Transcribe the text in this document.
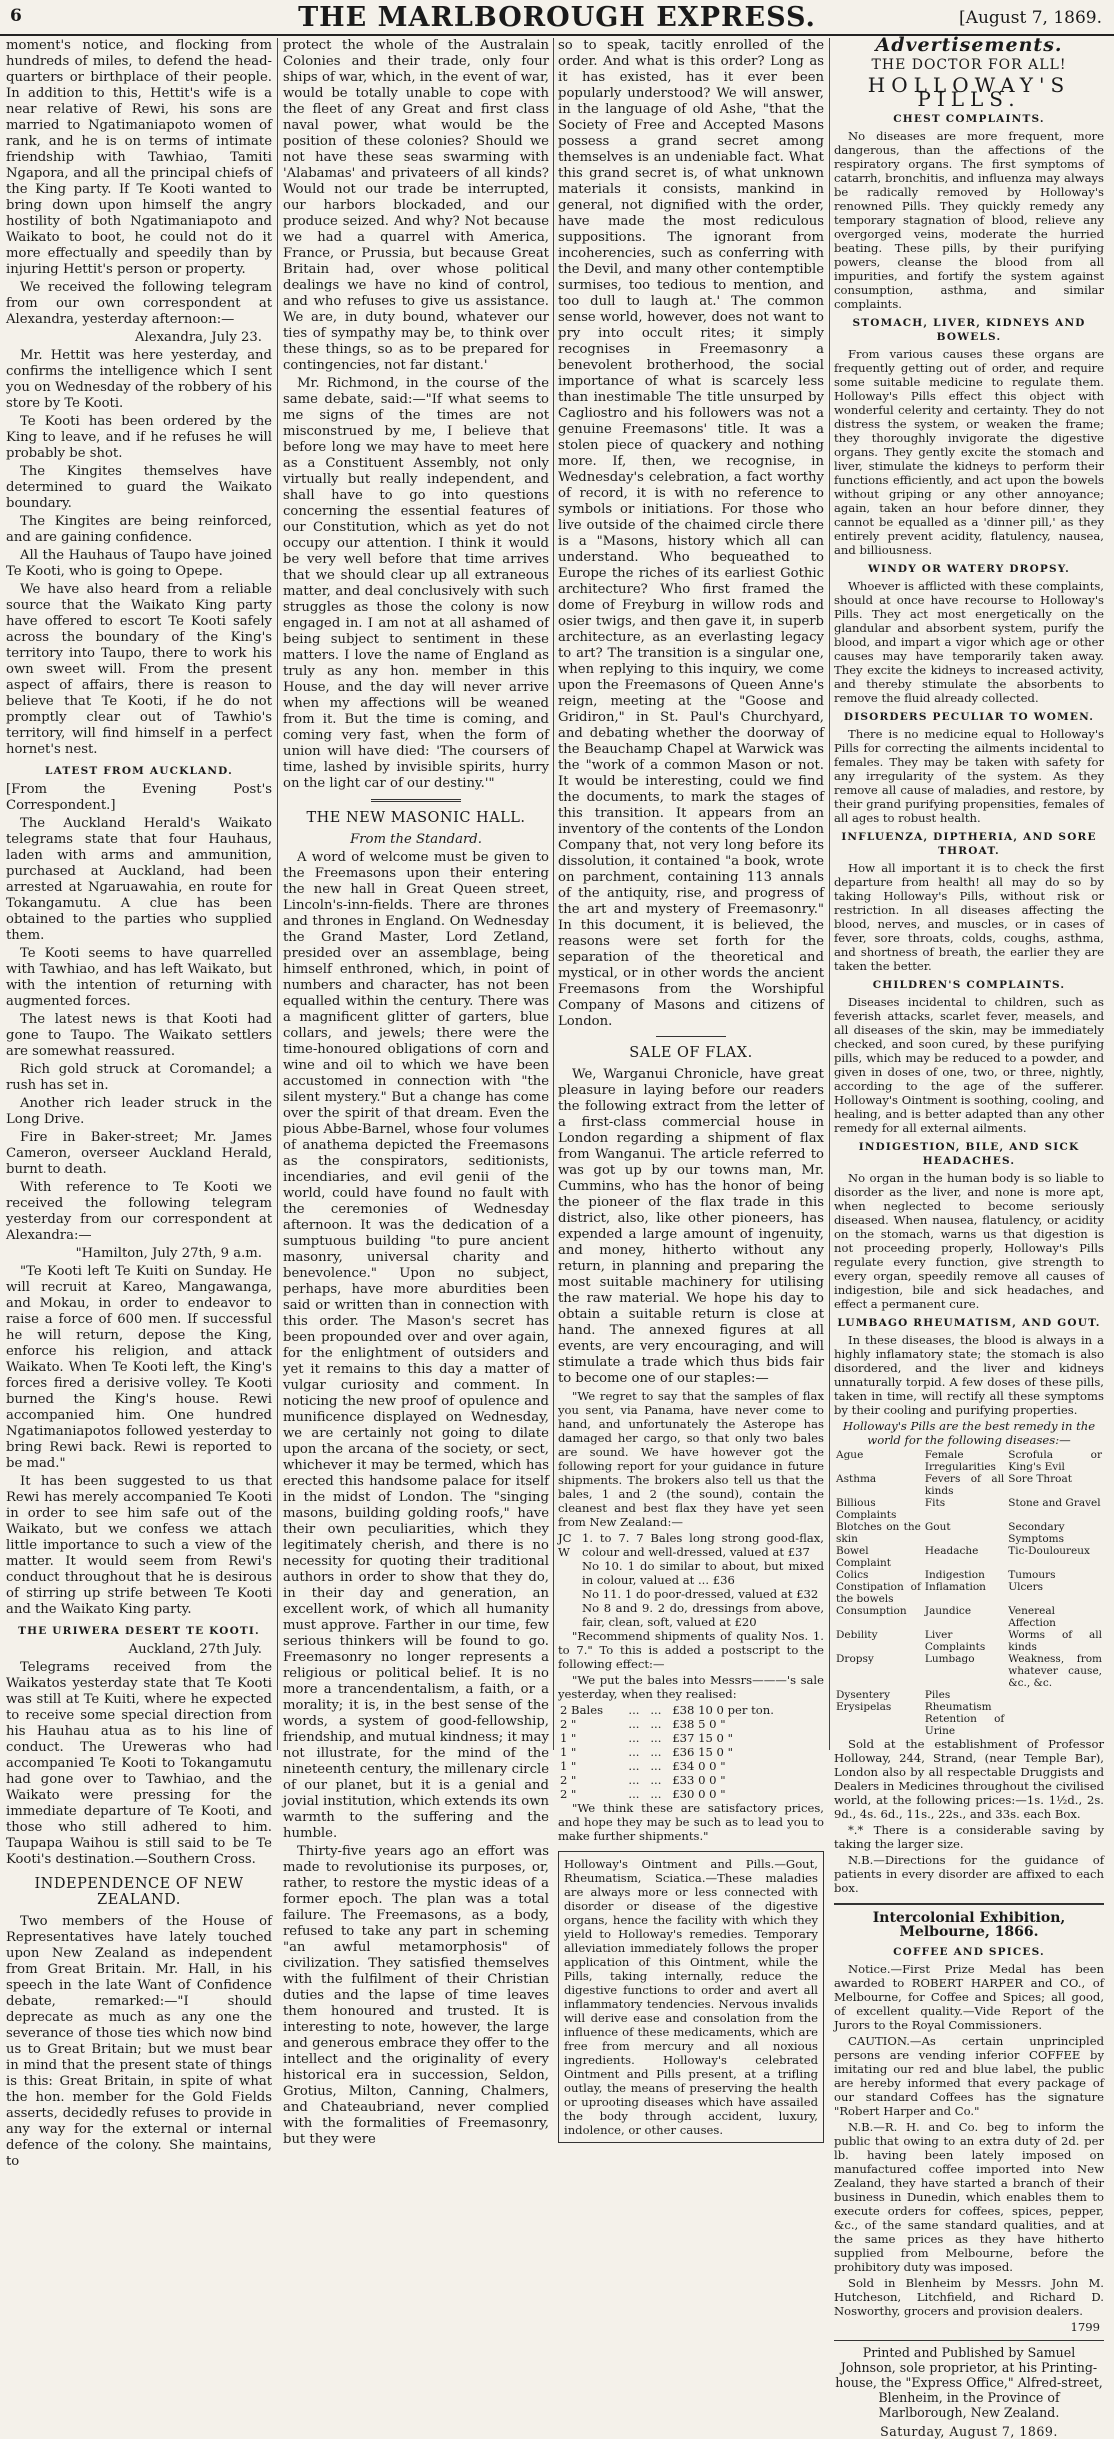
6	THE MARLBOROUGH EXPRESS.	[August 7, 1869.

moment's notice, and flocking from hundreds of miles, to defend the head-quarters or birthplace of their people. In addition to this, Hettit's wife is a near relative of Rewi, his sons are married to Ngatimaniapoto women of rank, and he is on terms of intimate friendship with Tawhiao, Tamiti Ngapora, and all the principal chiefs of the King party. If Te Kooti wanted to bring down upon himself the angry hostility of both Ngatimaniapoto and Waikato to boot, he could not do it more effectually and speedily than by injuring Hettit's person or property.

We received the following telegram from our own correspondent at Alexandra, yesterday afternoon:—

Alexandra, July 23.

Mr. Hettit was here yesterday, and confirms the intelligence which I sent you on Wednesday of the robbery of his store by Te Kooti.

Te Kooti has been ordered by the King to leave, and if he refuses he will probably be shot.

The Kingites themselves have determined to guard the Waikato boundary.

The Kingites are being reinforced, and are gaining confidence.

All the Hauhaus of Taupo have joined Te Kooti, who is going to Opepe.

We have also heard from a reliable source that the Waikato King party have offered to escort Te Kooti safely across the boundary of the King's territory into Taupo, there to work his own sweet will. From the present aspect of affairs, there is reason to believe that Te Kooti, if he do not promptly clear out of Tawhio's territory, will find himself in a perfect hornet's nest.

LATEST FROM AUCKLAND.

[From the Evening Post's Correspondent.]

The Auckland Herald's Waikato telegrams state that four Hauhaus, laden with arms and ammunition, purchased at Auckland, had been arrested at Ngaruawahia, en route for Tokangamutu. A clue has been obtained to the parties who supplied them.

Te Kooti seems to have quarrelled with Tawhiao, and has left Waikato, but with the intention of returning with augmented forces.

The latest news is that Kooti had gone to Taupo. The Waikato settlers are somewhat reassured.

Rich gold struck at Coromandel; a rush has set in.

Another rich leader struck in the Long Drive.

Fire in Baker-street; Mr. James Cameron, overseer Auckland Herald, burnt to death.

With reference to Te Kooti we received the following telegram yesterday from our correspondent at Alexandra:—

"Hamilton, July 27th, 9 a.m.

"Te Kooti left Te Kuiti on Sunday. He will recruit at Kareo, Mangawanga, and Mokau, in order to endeavor to raise a force of 600 men. If successful he will return, depose the King, enforce his religion, and attack Waikato. When Te Kooti left, the King's forces fired a derisive volley. Te Kooti burned the King's house. Rewi accompanied him. One hundred Ngatimaniapotos followed yesterday to bring Rewi back. Rewi is reported to be mad."

It has been suggested to us that Rewi has merely accompanied Te Kooti in order to see him safe out of the Waikato, but we confess we attach little importance to such a view of the matter. It would seem from Rewi's conduct throughout that he is desirous of stirring up strife between Te Kooti and the Waikato King party.

THE URIWERA DESERT TE KOOTI.

Auckland, 27th July.

Telegrams received from the Waikatos yesterday state that Te Kooti was still at Te Kuiti, where he expected to receive some special direction from his Hauhau atua as to his line of conduct. The Ureweras who had accompanied Te Kooti to Tokangamutu had gone over to Tawhiao, and the Waikato were pressing for the immediate departure of Te Kooti, and those who still adhered to him. Taupapa Waihou is still said to be Te Kooti's destination.—Southern Cross.

INDEPENDENCE OF NEW ZEALAND.

Two members of the House of Representatives have lately touched upon New Zealand as independent from Great Britain. Mr. Hall, in his speech in the late Want of Confidence debate, remarked:—"I should deprecate as much as any one the severance of those ties which now bind us to Great Britain; but we must bear in mind that the present state of things is this: Great Britain, in spite of what the hon. member for the Gold Fields asserts, decidedly refuses to provide in any way for the external or internal defence of the colony. She maintains, to

protect the whole of the Australain Colonies and their trade, only four ships of war, which, in the event of war, would be totally unable to cope with the fleet of any Great and first class naval power, what would be the position of these colonies? Should we not have these seas swarming with 'Alabamas' and privateers of all kinds? Would not our trade be interrupted, our harbors blockaded, and our produce seized. And why? Not because we had a quarrel with America, France, or Prussia, but because Great Britain had, over whose political dealings we have no kind of control, and who refuses to give us assistance. We are, in duty bound, whatever our ties of sympathy may be, to think over these things, so as to be prepared for contingencies, not far distant.'

Mr. Richmond, in the course of the same debate, said:—"If what seems to me signs of the times are not misconstrued by me, I believe that before long we may have to meet here as a Constituent Assembly, not only virtually but really independent, and shall have to go into questions concerning the essential features of our Constitution, which as yet do not occupy our attention. I think it would be very well before that time arrives that we should clear up all extraneous matter, and deal conclusively with such struggles as those the colony is now engaged in. I am not at all ashamed of being subject to sentiment in these matters. I love the name of England as truly as any hon. member in this House, and the day will never arrive when my affections will be weaned from it. But the time is coming, and coming very fast, when the form of union will have died: 'The coursers of time, lashed by invisible spirits, hurry on the light car of our destiny.'"

THE NEW MASONIC HALL.

From the Standard.

A word of welcome must be given to the Freemasons upon their entering the new hall in Great Queen street, Lincoln's-inn-fields. There are thrones and thrones in England. On Wednesday the Grand Master, Lord Zetland, presided over an assemblage, being himself enthroned, which, in point of numbers and character, has not been equalled within the century. There was a magnificent glitter of garters, blue collars, and jewels; there were the time-honoured obligations of corn and wine and oil to which we have been accustomed in connection with "the silent mystery." But a change has come over the spirit of that dream. Even the pious Abbe-Barnel, whose four volumes of anathema depicted the Freemasons as the conspirators, seditionists, incendiaries, and evil genii of the world, could have found no fault with the ceremonies of Wednesday afternoon. It was the dedication of a sumptuous building "to pure ancient masonry, universal charity and benevolence." Upon no subject, perhaps, have more aburdities been said or written than in connection with this order. The Mason's secret has been propounded over and over again, for the enlightment of outsiders and yet it remains to this day a matter of vulgar curiosity and comment. In noticing the new proof of opulence and munificence displayed on Wednesday, we are certainly not going to dilate upon the arcana of the society, or sect, whichever it may be termed, which has erected this handsome palace for itself in the midst of London. The "singing masons, building golding roofs," have their own peculiarities, which they legitimately cherish, and there is no necessity for quoting their traditional authors in order to show that they do, in their day and generation, an excellent work, of which all humanity must approve. Farther in our time, few serious thinkers will be found to go. Freemasonry no longer represents a religious or political belief. It is no more a trancendentalism, a faith, or a morality; it is, in the best sense of the words, a system of good-fellowship, friendship, and mutual kindness; it may not illustrate, for the mind of the nineteenth century, the millenary circle of our planet, but it is a genial and jovial institution, which extends its own warmth to the suffering and the humble.

Thirty-five years ago an effort was made to revolutionise its purposes, or, rather, to restore the mystic ideas of a former epoch. The plan was a total failure. The Freemasons, as a body, refused to take any part in scheming "an awful metamorphosis" of civilization. They satisfied themselves with the fulfilment of their Christian duties and the lapse of time leaves them honoured and trusted. It is interesting to note, however, the large and generous embrace they offer to the intellect and the originality of every historical era in succession, Seldon, Grotius, Milton, Canning, Chalmers, and Chateaubriand, never complied with the formalities of Freemasonry, but they were

so to speak, tacitly enrolled of the order. And what is this order? Long as it has existed, has it ever been popularly understood? We will answer, in the language of old Ashe, "that the Society of Free and Accepted Masons possess a grand secret among themselves is an undeniable fact. What this grand secret is, of what unknown materials it consists, mankind in general, not dignified with the order, have made the most rediculous suppositions. The ignorant from incoherencies, such as conferring with the Devil, and many other contemptible surmises, too tedious to mention, and too dull to laugh at.' The common sense world, however, does not want to pry into occult rites; it simply recognises in Freemasonry a benevolent brotherhood, the social importance of what is scarcely less than inestimable The title unsurped by Cagliostro and his followers was not a genuine Freemasons' title. It was a stolen piece of quackery and nothing more. If, then, we recognise, in Wednesday's celebration, a fact worthy of record, it is with no reference to symbols or initiations. For those who live outside of the chaimed circle there is a "Masons, history which all can understand. Who bequeathed to Europe the riches of its earliest Gothic architecture? Who first framed the dome of Freyburg in willow rods and osier twigs, and then gave it, in superb architecture, as an everlasting legacy to art? The transition is a singular one, when replying to this inquiry, we come upon the Freemasons of Queen Anne's reign, meeting at the "Goose and Gridiron," in St. Paul's Churchyard, and debating whether the doorway of the Beauchamp Chapel at Warwick was the "work of a common Mason or not. It would be interesting, could we find the documents, to mark the stages of this transition. It appears from an inventory of the contents of the London Company that, not very long before its dissolution, it contained "a book, wrote on parchment, containing 113 annals of the antiquity, rise, and progress of the art and mystery of Freemasonry." In this document, it is believed, the reasons were set forth for the separation of the theoretical and mystical, or in other words the ancient Freemasons from the Worshipful Company of Masons and citizens of London.

SALE OF FLAX.

We, Warganui Chronicle, have great pleasure in laying before our readers the following extract from the letter of a first-class commercial house in London regarding a shipment of flax from Wanganui. The article referred to was got up by our towns man, Mr. Cummins, who has the honor of being the pioneer of the flax trade in this district, also, like other pioneers, has expended a large amount of ingenuity, and money, hitherto without any return, in planning and preparing the most suitable machinery for utilising the raw material. We hope his day to obtain a suitable return is close at hand. The annexed figures at all events, are very encouraging, and will stimulate a trade which thus bids fair to become one of our staples:—

"We regret to say that the samples of flax you sent, via Panama, have never come to hand, and unfortunately the Asterope has damaged her cargo, so that only two bales are sound. We have however got the following report for your guidance in future shipments. The brokers also tell us that the bales, 1 and 2 (the sound), contain the cleanest and best flax they have yet seen from New Zealand:—

JC W
1. to 7. 7 Bales long strong good-flax, colour and well-dressed, valued at £37
No 10. 1 do similar to about, but mixed in colour, valued at ... £36
No 11. 1 do poor-dressed, valued at £32
No 8 and 9. 2 do, dressings from above, fair, clean, soft, valued at £20

"Recommend shipments of quality Nos. 1. to 7." To this is added a postscript to the following effect:—

"We put the bales into Messrs———'s sale yesterday, when they realised:

2 Bales	...	...	£38 10 0 per ton.
2 "	...	...	£38 5 0 "
1 "	...	...	£37 15 0 "
1 "	...	...	£36 15 0 "
1 "	...	...	£34 0 0 "
2 "	...	...	£33 0 0 "
2 "	...	...	£30 0 0 "

"We think these are satisfactory prices, and hope they may be such as to lead you to make further shipments."

Holloway's Ointment and Pills.—Gout, Rheumatism, Sciatica.—These maladies are always more or less connected with disorder or disease of the digestive organs, hence the facility with which they yield to Holloway's remedies. Temporary alleviation immediately follows the proper application of this Ointment, while the Pills, taking internally, reduce the digestive functions to order and avert all inflammatory tendencies. Nervous invalids will derive ease and consolation from the influence of these medicaments, which are free from mercury and all noxious ingredients. Holloway's celebrated Ointment and Pills present, at a trifling outlay, the means of preserving the health or uprooting diseases which have assailed the body through accident, luxury, indolence, or other causes.
Advertisements.
THE DOCTOR FOR ALL!
HOLLOWAY'S PILLS.
CHEST COMPLAINTS.

No diseases are more frequent, more dangerous, than the affections of the respiratory organs. The first symptoms of catarrh, bronchitis, and influenza may always be radically removed by Holloway's renowned Pills. They quickly remedy any temporary stagnation of blood, relieve any overgorged veins, moderate the hurried beating. These pills, by their purifying powers, cleanse the blood from all impurities, and fortify the system against consumption, asthma, and similar complaints.

STOMACH, LIVER, KIDNEYS AND BOWELS.

From various causes these organs are frequently getting out of order, and require some suitable medicine to regulate them. Holloway's Pills effect this object with wonderful celerity and certainty. They do not distress the system, or weaken the frame; they thoroughly invigorate the digestive organs. They gently excite the stomach and liver, stimulate the kidneys to perform their functions efficiently, and act upon the bowels without griping or any other annoyance; again, taken an hour before dinner, they cannot be equalled as a 'dinner pill,' as they entirely prevent acidity, flatulency, nausea, and billiousness.

WINDY OR WATERY DROPSY.

Whoever is afflicted with these complaints, should at once have recourse to Holloway's Pills. They act most energetically on the glandular and absorbent system, purify the blood, and impart a vigor which age or other causes may have temporarily taken away. They excite the kidneys to increased activity, and thereby stimulate the absorbents to remove the fluid already collected.

DISORDERS PECULIAR TO WOMEN.

There is no medicine equal to Holloway's Pills for correcting the ailments incidental to females. They may be taken with safety for any irregularity of the system. As they remove all cause of maladies, and restore, by their grand purifying propensities, females of all ages to robust health.

INFLUENZA, DIPTHERIA, AND SORE THROAT.

How all important it is to check the first departure from health! all may do so by taking Holloway's Pills, without risk or restriction. In all diseases affecting the blood, nerves, and muscles, or in cases of fever, sore throats, colds, coughs, asthma, and shortness of breath, the earlier they are taken the better.

CHILDREN'S COMPLAINTS.

Diseases incidental to children, such as feverish attacks, scarlet fever, measels, and all diseases of the skin, may be immediately checked, and soon cured, by these purifying pills, which may be reduced to a powder, and given in doses of one, two, or three, nightly, according to the age of the sufferer. Holloway's Ointment is soothing, cooling, and healing, and is better adapted than any other remedy for all external ailments.

INDIGESTION, BILE, AND SICK HEADACHES.

No organ in the human body is so liable to disorder as the liver, and none is more apt, when neglected to become seriously diseased. When nausea, flatulency, or acidity on the stomach, warns us that digestion is not proceeding properly, Holloway's Pills regulate every function, give strength to every organ, speedily remove all causes of indigestion, bile and sick headaches, and effect a permanent cure.

LUMBAGO RHEUMATISM, AND GOUT.

In these diseases, the blood is always in a highly inflamatory state; the stomach is also disordered, and the liver and kidneys unnaturally torpid. A few doses of these pills, taken in time, will rectify all these symptoms by their cooling and purifying properties.

Holloway's Pills are the best remedy in the world for the following diseases:—

Ague	Female Irregularities	Scrofula or King's Evil
Asthma	Fevers of all kinds	Sore Throat
Billious Complaints	Fits	Stone and Gravel
Blotches on the skin	Gout	Secondary Symptoms
Bowel Complaint	Headache	Tic-Douloureux
Colics	Indigestion	Tumours
Constipation of the bowels	Inflamation	Ulcers
Consumption	Jaundice	Venereal Affection
Debility	Liver Complaints	Worms of all kinds
Dropsy	Lumbago	Weakness, from whatever cause, &c., &c.
Dysentery	Piles	
Erysipelas	Rheumatism	
	Retention of Urine	

Sold at the establishment of Professor Holloway, 244, Strand, (near Temple Bar), London also by all respectable Druggists and Dealers in Medicines throughout the civilised world, at the following prices:—1s. 1½d., 2s. 9d., 4s. 6d., 11s., 22s., and 33s. each Box.

*.* There is a considerable saving by taking the larger size.

N.B.—Directions for the guidance of patients in every disorder are affixed to each box.

Intercolonial Exhibition, Melbourne, 1866.
COFFEE AND SPICES.

Notice.—First Prize Medal has been awarded to ROBERT HARPER and CO., of Melbourne, for Coffee and Spices; all good, of excellent quality.—Vide Report of the Jurors to the Royal Commissioners.

CAUTION.—As certain unprincipled persons are vending inferior COFFEE by imitating our red and blue label, the public are hereby informed that every package of our standard Coffees has the signature "Robert Harper and Co."

N.B.—R. H. and Co. beg to inform the public that owing to an extra duty of 2d. per lb. having been lately imposed on manufactured coffee imported into New Zealand, they have started a branch of their business in Dunedin, which enables them to execute orders for coffees, spices, pepper, &c., of the same standard qualities, and at the same prices as they have hitherto supplied from Melbourne, before the prohibitory duty was imposed.

Sold in Blenheim by Messrs. John M. Hutcheson, Litchfield, and Richard D. Nosworthy, grocers and provision dealers.

1799
Printed and Published by Samuel Johnson, sole proprietor, at his Printing-house, the "Express Office," Alfred-street, Blenheim, in the Province of Marlborough, New Zealand.
Saturday, August 7, 1869.
